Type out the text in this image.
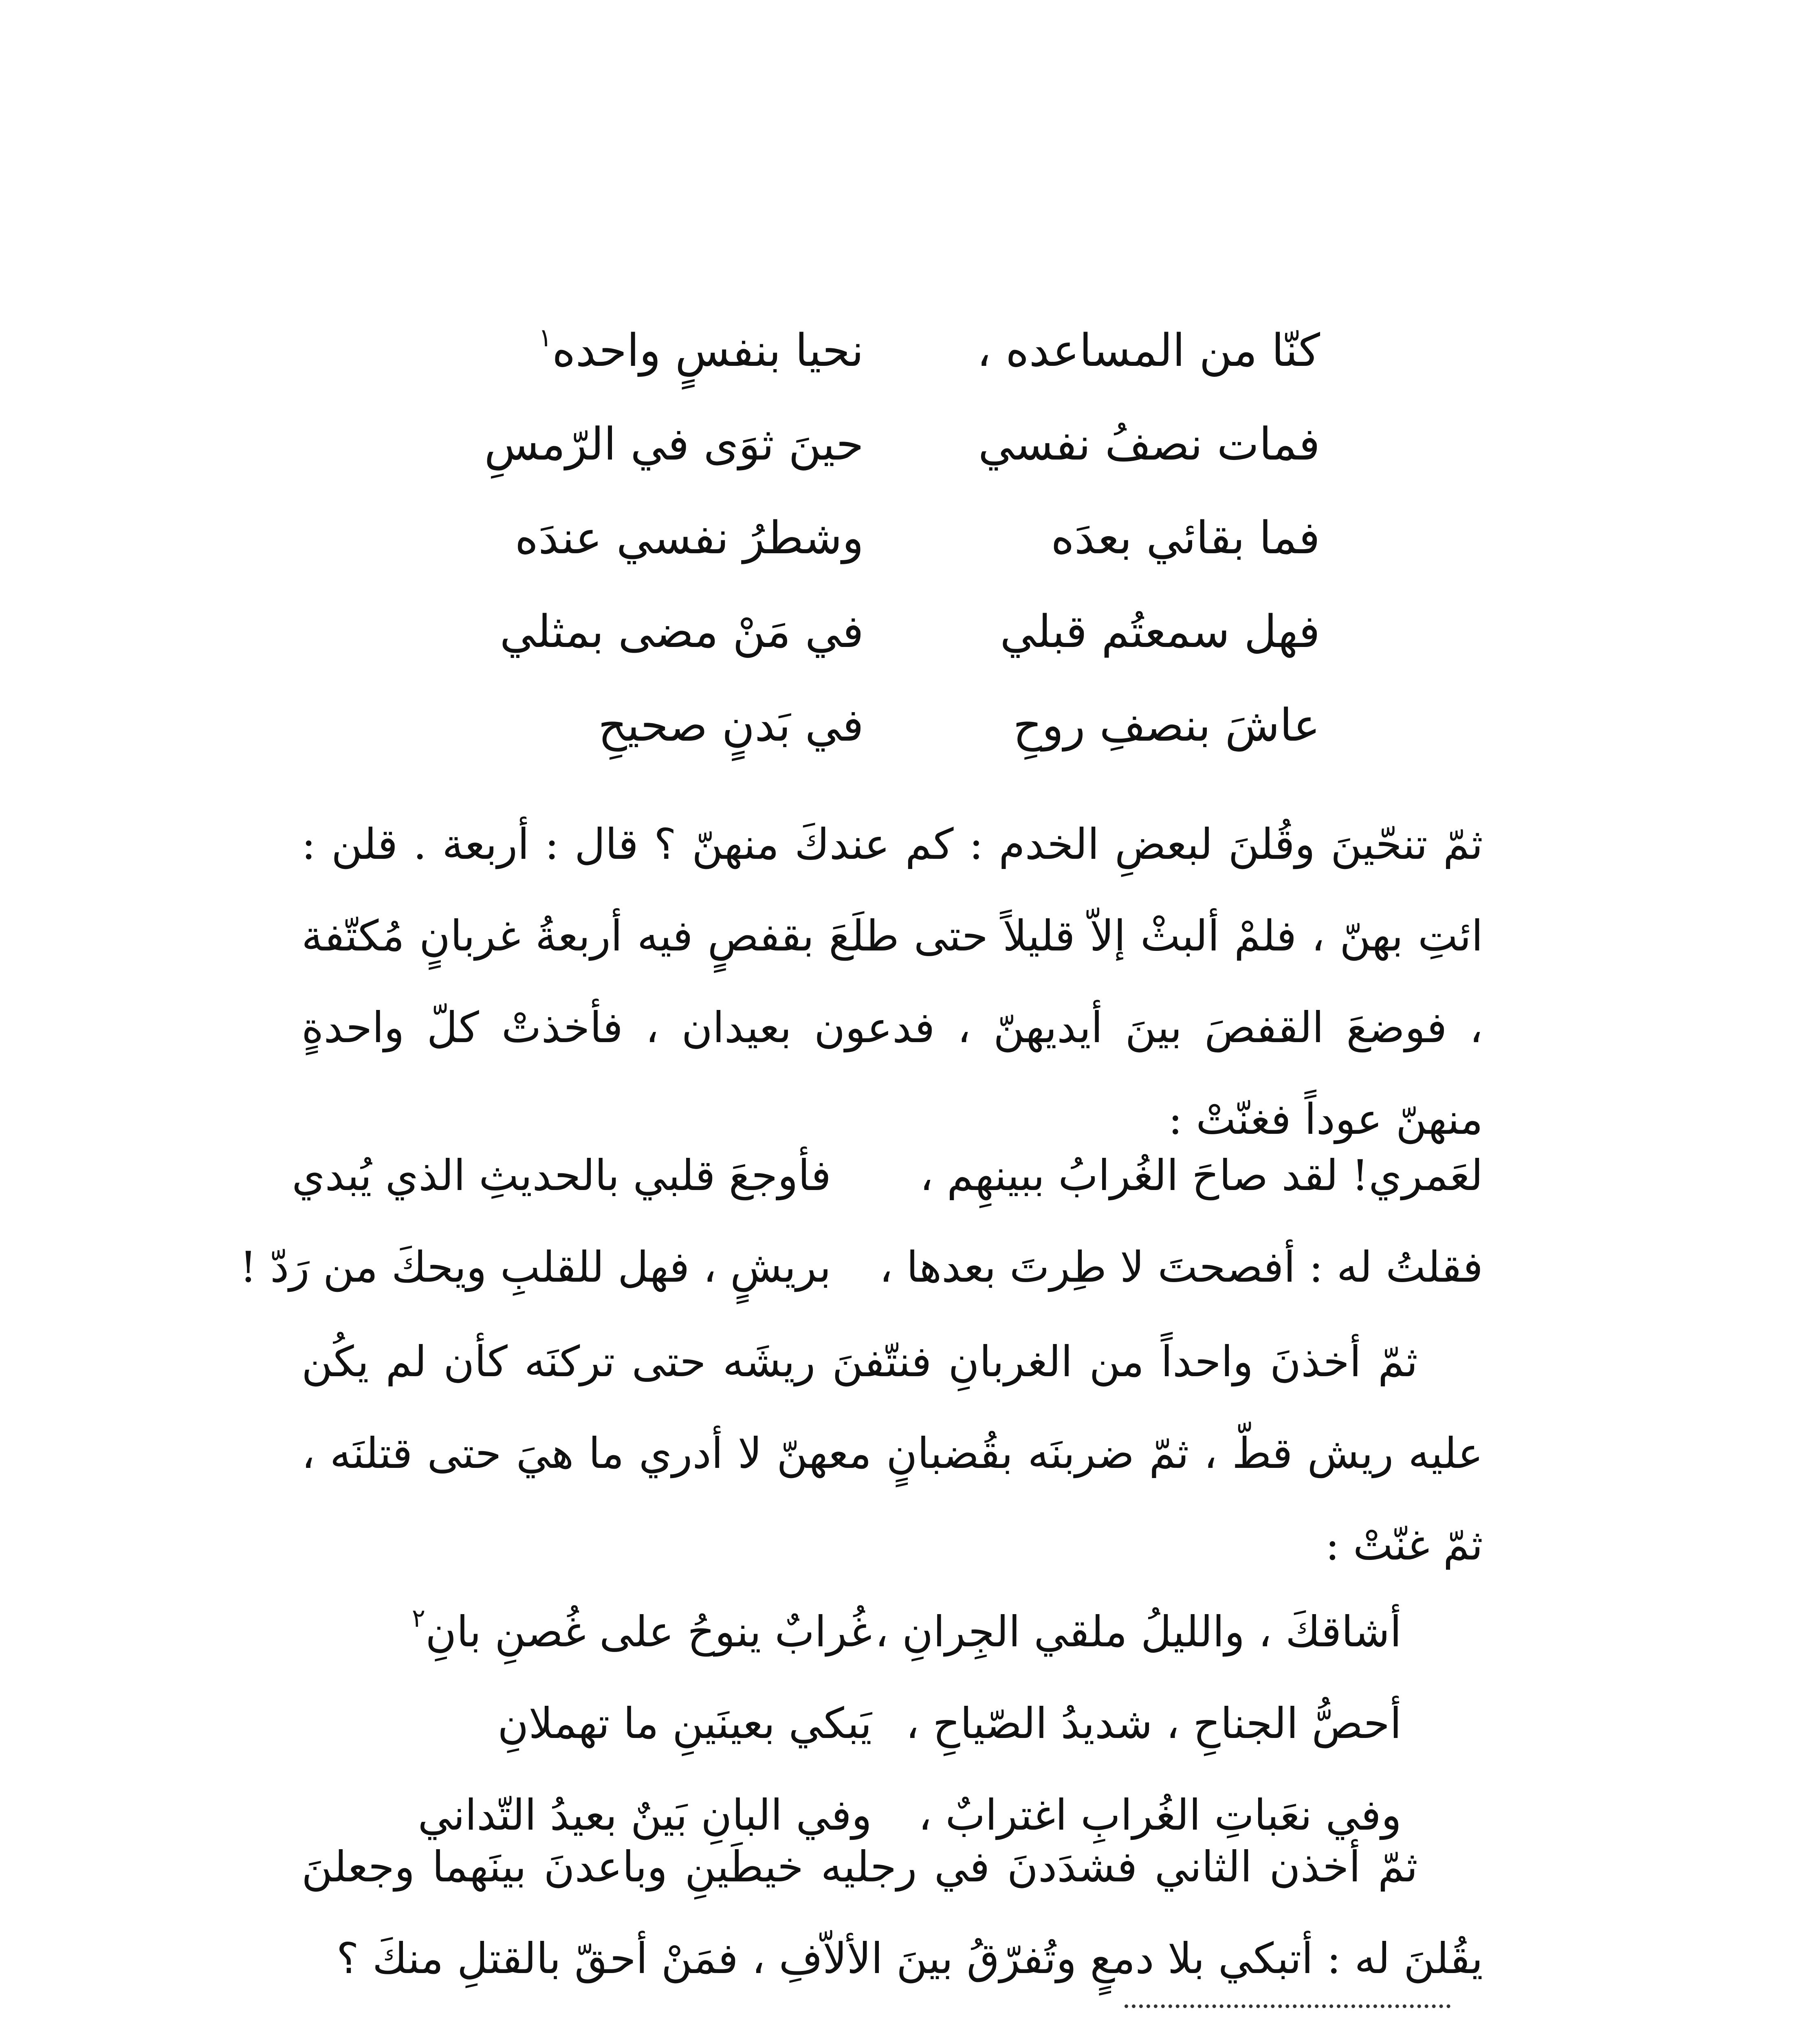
كنّا من المساعده ،
نحيا بنفسٍ واحده$^١$
فمات نصفُ نفسي
حينَ ثوَى في الرّمسِ
فما بقائي بعدَه
وشطرُ نفسي عندَه
فهل سمعتُم قبلي
في مَنْ مضى بمثلي
عاشَ بنصفِ روحِ
في بَدنٍ صحيحِ

ثمّ تنحّينَ وقُلنَ لبعضِ الخدم : كم عندكَ منهنّ ؟ قال : أربعة . قلن : ائتِ بهنّ ، فلمْ ألبثْ إلاّ قليلاً حتى طلَعَ بقفصٍ فيه أربعةُ غربانٍ مُكتّفة ، فوضعَ القفصَ بينَ أيديهنّ ، فدعون بعيدان ، فأخذتْ كلّ واحدةٍ منهنّ عوداً فغنّتْ :

لعَمري! لقد صاحَ الغُرابُ ببينهِم ،
فأوجعَ قلبي بالحديثِ الذي يُبدي
فقلتُ له : أفصحتَ لا طِرتَ بعدها ،
بريشٍ ، فهل للقلبِ ويحكَ من رَدّ !

ثمّ أخذنَ واحداً من الغربانِ فنتّفنَ ريشَه حتى تركنَه كأن لم يكُن عليه ريش قطّ ، ثمّ ضربنَه بقُضبانٍ معهنّ لا أدري ما هيَ حتى قتلنَه ، ثمّ غنّتْ :

أشاقكَ ، والليلُ ملقي الجِرانِ ،
غُرابٌ ينوحُ على غُصنِ بانِ$^٢$
أحصُّ الجناحِ ، شديدُ الصّياحِ ،
يَبكي بعينَينِ ما تهملانِ
وفي نعَباتِ الغُرابِ اغترابٌ ،
وفي البانِ بَينٌ بعيدُ التّداني

ثمّ أخذن الثاني فشدَدنَ في رجليه خيطَينِ وباعدنَ بينَهما وجعلنَ يقُلنَ له : أتبكي بلا دمعٍ وتُفرّقُ بينَ الألاّفِ ، فمَنْ أحقّ بالقتلِ منكَ ؟
